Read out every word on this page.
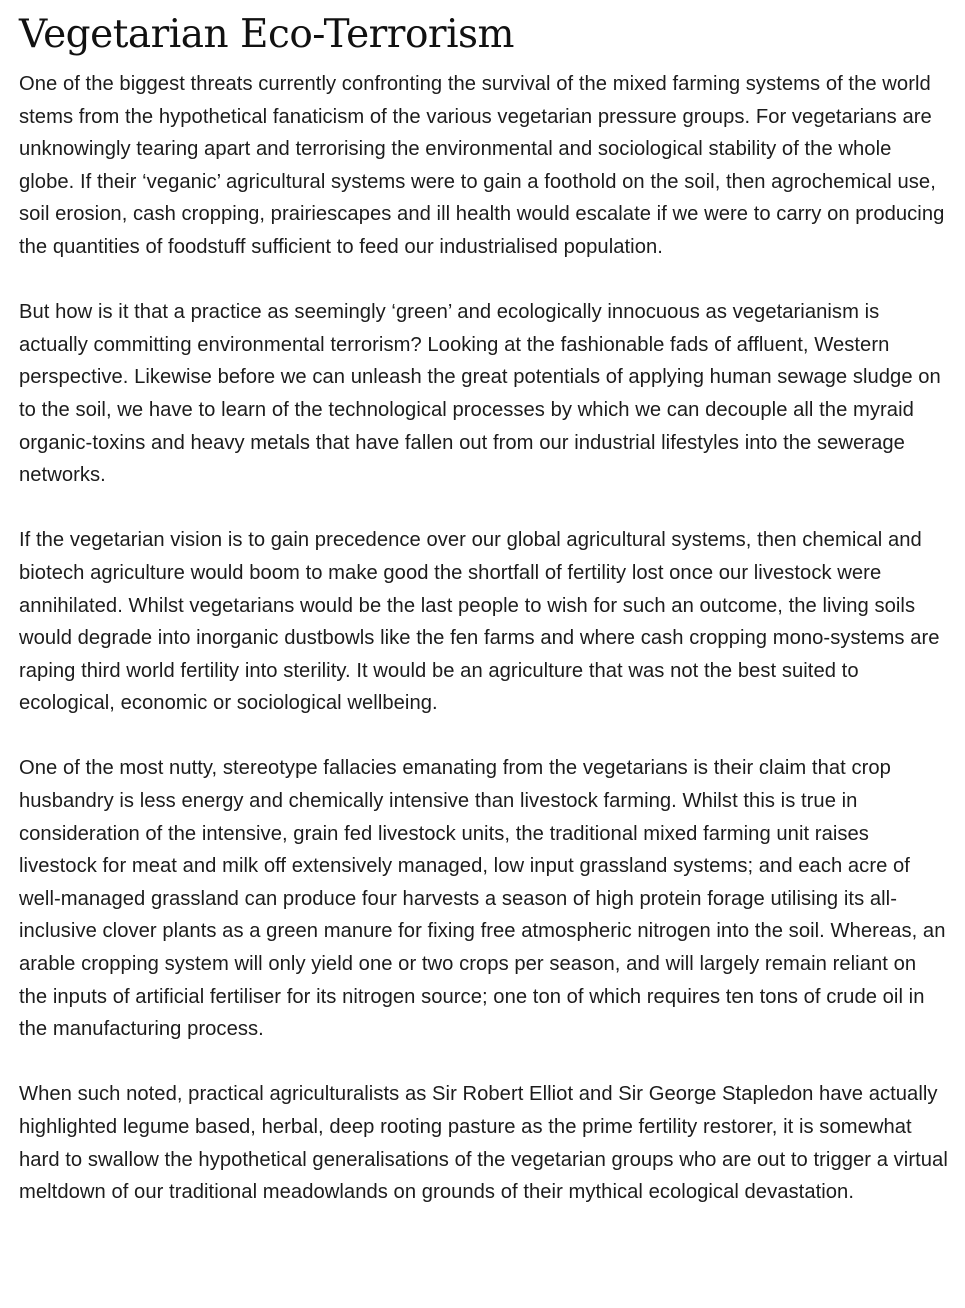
Vegetarian Eco-Terrorism

One of the biggest threats currently confronting the survival of the mixed farming systems of the world stems from the hypothetical fanaticism of the various vegetarian pressure groups. For vegetarians are unknowingly tearing apart and terrorising the environmental and sociological stability of the whole globe. If their ‘veganic’ agricultural systems were to gain a foothold on the soil, then agrochemical use, soil erosion, cash cropping, prairiescapes and ill health would escalate if we were to carry on producing the quantities of foodstuff sufficient to feed our industrialised population.

But how is it that a practice as seemingly ‘green’ and ecologically innocuous as vegetarianism is actually committing environmental terrorism? Looking at the fashionable fads of affluent, Western perspective. Likewise before we can unleash the great potentials of applying human sewage sludge on to the soil, we have to learn of the technological processes by which we can decouple all the myraid organic-toxins and heavy metals that have fallen out from our industrial lifestyles into the sewerage networks.

If the vegetarian vision is to gain precedence over our global agricultural systems, then chemical and biotech agriculture would boom to make good the shortfall of fertility lost once our livestock were annihilated. Whilst vegetarians would be the last people to wish for such an outcome, the living soils would degrade into inorganic dustbowls like the fen farms and where cash cropping mono-systems are raping third world fertility into sterility. It would be an agriculture that was not the best suited to ecological, economic or sociological wellbeing.

One of the most nutty, stereotype fallacies emanating from the vegetarians is their claim that crop husbandry is less energy and chemically intensive than livestock farming. Whilst this is true in consideration of the intensive, grain fed livestock units, the traditional mixed farming unit raises livestock for meat and milk off extensively managed, low input grassland systems; and each acre of well-managed grassland can produce four harvests a season of high protein forage utilising its all-inclusive clover plants as a green manure for fixing free atmospheric nitrogen into the soil. Whereas, an arable cropping system will only yield one or two crops per season, and will largely remain reliant on the inputs of artificial fertiliser for its nitrogen source; one ton of which requires ten tons of crude oil in the manufacturing process.

When such noted, practical agriculturalists as Sir Robert Elliot and Sir George Stapledon have actually highlighted legume based, herbal, deep rooting pasture as the prime fertility restorer, it is somewhat hard to swallow the hypothetical generalisations of the vegetarian groups who are out to trigger a virtual meltdown of our traditional meadowlands on grounds of their mythical ecological devastation.
